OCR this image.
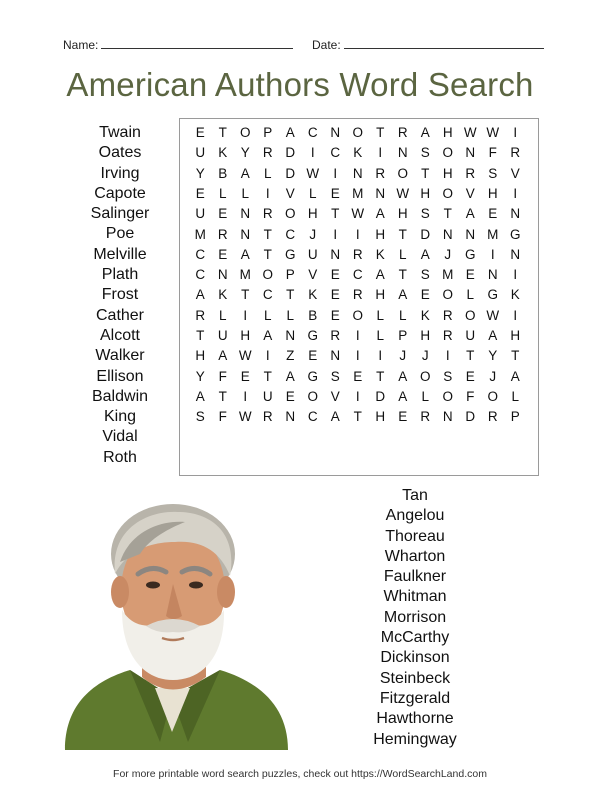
Name:	Date:
American Authors Word Search
Twain
Oates
Irving
Capote
Salinger
Poe
Melville
Plath
Frost
Cather
Alcott
Walker
Ellison
Baldwin
King
Vidal
Roth
E	T O P A C N O T	R A H W W	I
U K Y R D	I	C K	I	N S O N	F	R
Y B A	L	D W	I	N R O T	H R S V
E	L	L	I	V	L	E M N W H O V H	I
U E N R O H	T W A H S	T	A E N
M R N	T	C	J	I	I	H	T	D N N M G
C E A	T G U N R K	L	A	J	G	I	N
C N M O P V E C A	T	S M E N	I
A K	T	C	T	K E R H A E O L G K
R	L	I	L	L	B E O L	L	K R O W	I
T	U H A N G R	I	L	P H R U A H
H A W	I	Z	E N	I	I	J	J	I	T	Y	T
Y	F	E	T	A G S E	T	A O S E	J	A
A	T	I	U E O V	I	D A	L O F O L
S	F W R N C A	T	H E R N D R P
Tan
Angelou
Thoreau
Wharton
Faulkner
Whitman
Morrison
McCarthy
Dickinson
Steinbeck
Fitzgerald
Hawthorne
Hemingway
For more printable word search puzzles, check out https://WordSearchLand.com
